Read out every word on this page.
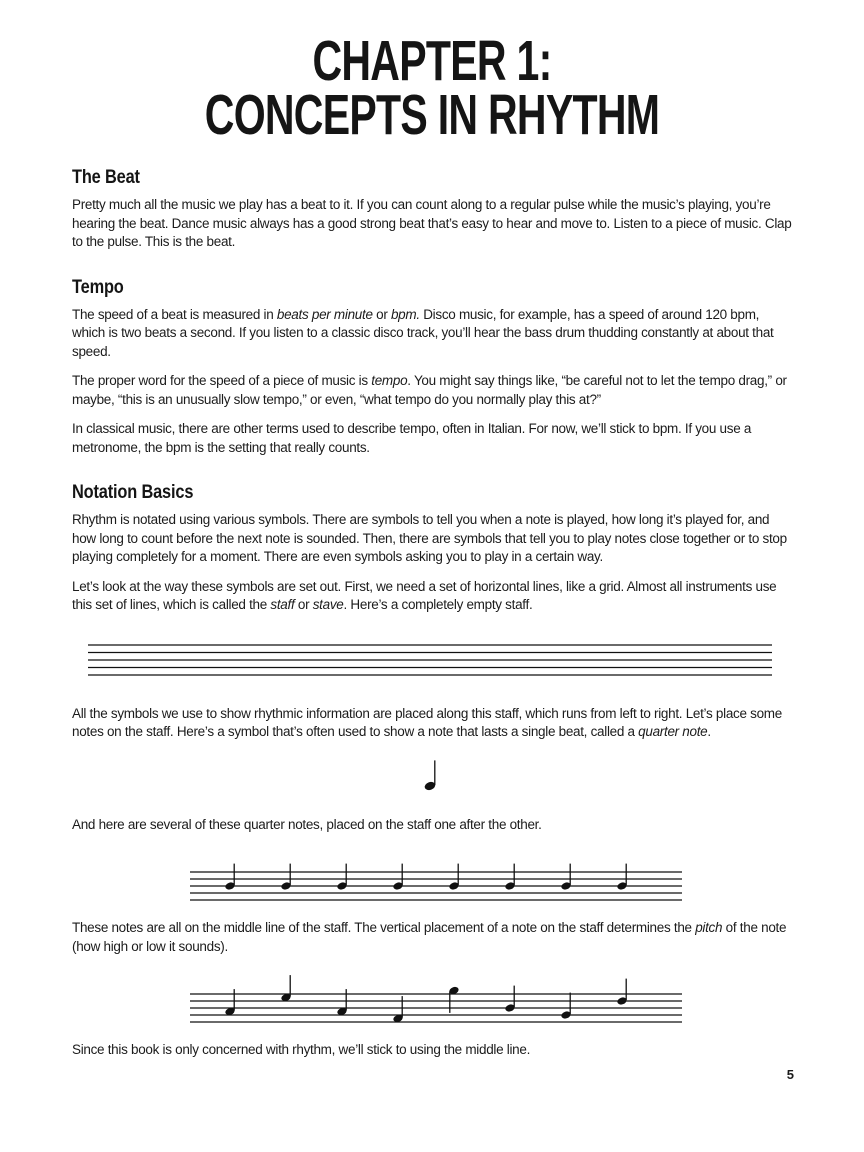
CHAPTER 1:
CONCEPTS IN RHYTHM
The Beat

Pretty much all the music we play has a beat to it. If you can count along to a regular pulse while the music’s playing, you’re hearing the beat. Dance music always has a good strong beat that’s easy to hear and move to. Listen to a piece of music. Clap to the pulse. This is the beat.

Tempo

The speed of a beat is measured in beats per minute or bpm. Disco music, for example, has a speed of around 120 bpm, which is two beats a second. If you listen to a classic disco track, you’ll hear the bass drum thudding constantly at about that speed.

The proper word for the speed of a piece of music is tempo. You might say things like, “be careful not to let the tempo drag,” or maybe, “this is an unusually slow tempo,” or even, “what tempo do you normally play this at?”

In classical music, there are other terms used to describe tempo, often in Italian. For now, we’ll stick to bpm. If you use a metronome, the bpm is the setting that really counts.

Notation Basics

Rhythm is notated using various symbols. There are symbols to tell you when a note is played, how long it’s played for, and how long to count before the next note is sounded. Then, there are symbols that tell you to play notes close together or to stop playing completely for a moment. There are even symbols asking you to play in a certain way.

Let’s look at the way these symbols are set out. First, we need a set of horizontal lines, like a grid. Almost all instruments use this set of lines, which is called the staff or stave. Here’s a completely empty staff.

All the symbols we use to show rhythmic information are placed along this staff, which runs from left to right. Let’s place some notes on the staff. Here’s a symbol that’s often used to show a note that lasts a single beat, called a quarter note.

And here are several of these quarter notes, placed on the staff one after the other.

These notes are all on the middle line of the staff. The vertical placement of a note on the staff determines the pitch of the note (how high or low it sounds).

Since this book is only concerned with rhythm, we’ll stick to using the middle line.

5
